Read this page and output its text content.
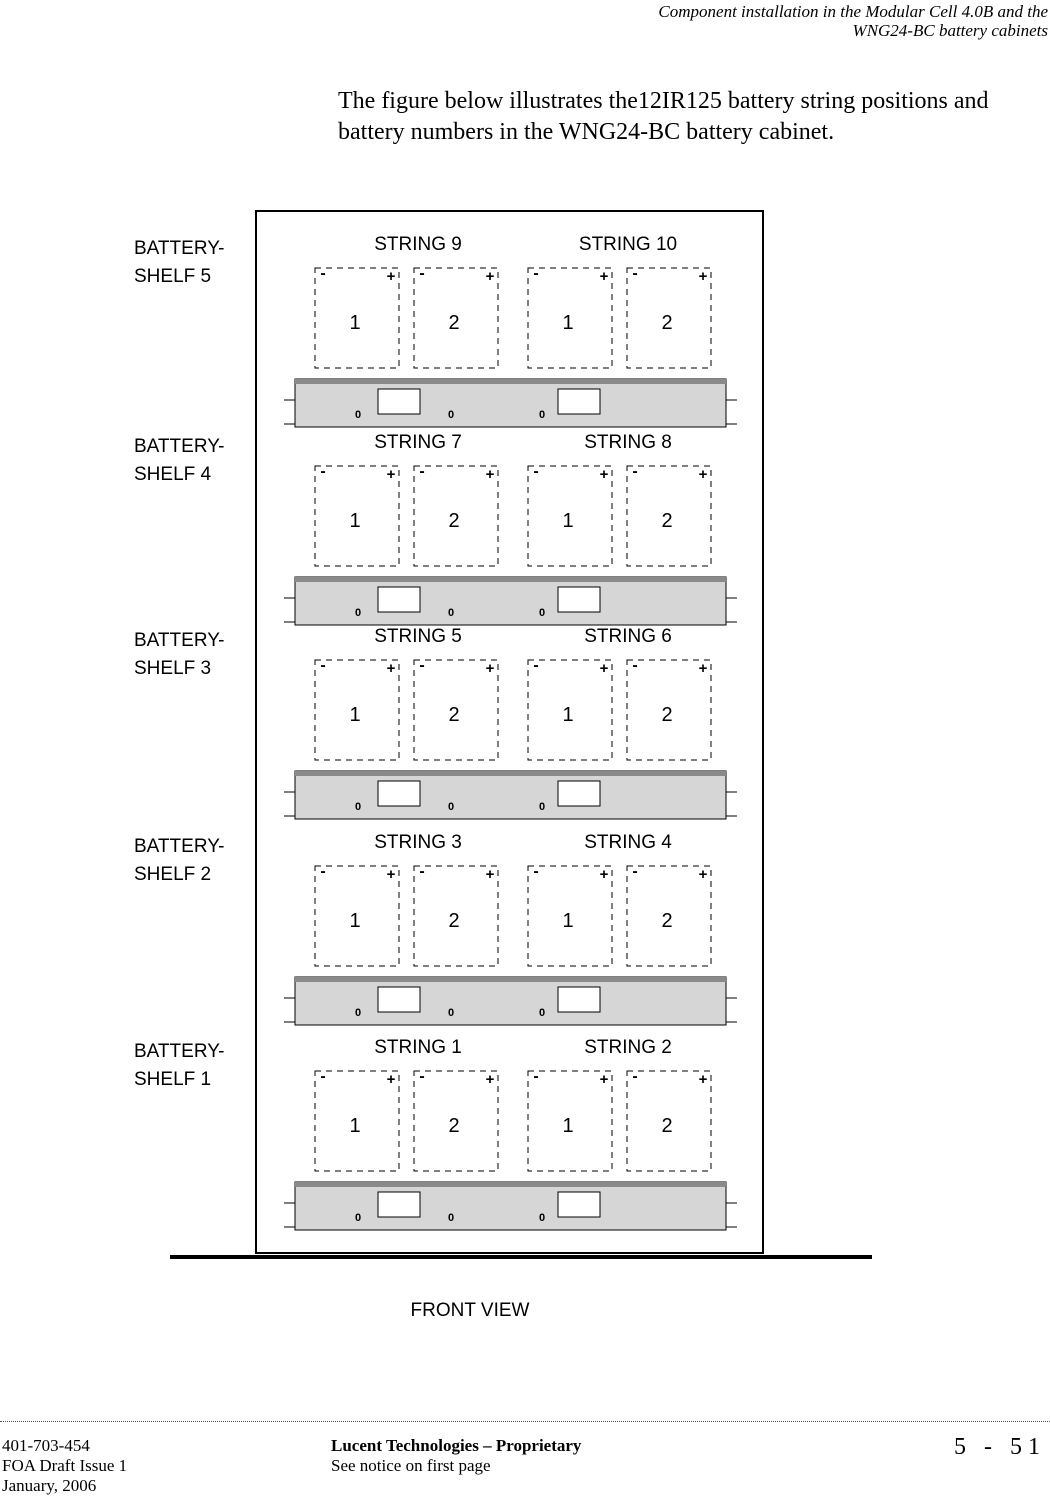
Component installation in the Modular Cell 4.0B and the
WNG24-BC battery cabinets
The figure below illustrates the12IR125 battery string positions and
battery numbers in the WNG24-BC battery cabinet.
BATTERY-
SHELF 5
STRING 9	STRING 10
-	+
1
-	+
2
-	+
1
-	+
2
0	0	0
BATTERY-
SHELF 4
STRING 7	STRING 8
-	+
1
-	+
2
-	+
1
-	+
2
0	0	0
BATTERY-
SHELF 3
STRING 5	STRING 6
-	+
1
-	+
2
-	+
1
-	+
2
0	0	0
BATTERY-
SHELF 2
STRING 3	STRING 4
-	+
1
-	+
2
-	+
1
-	+
2
0	0	0
BATTERY-
SHELF 1
STRING 1	STRING 2
-	+
1
-	+
2
-	+
1
-	+
2
0	0	0
FRONT VIEW
401-703-454
FOA Draft Issue 1
January, 2006
Lucent Technologies – Proprietary
See notice on first page
5 - 51
